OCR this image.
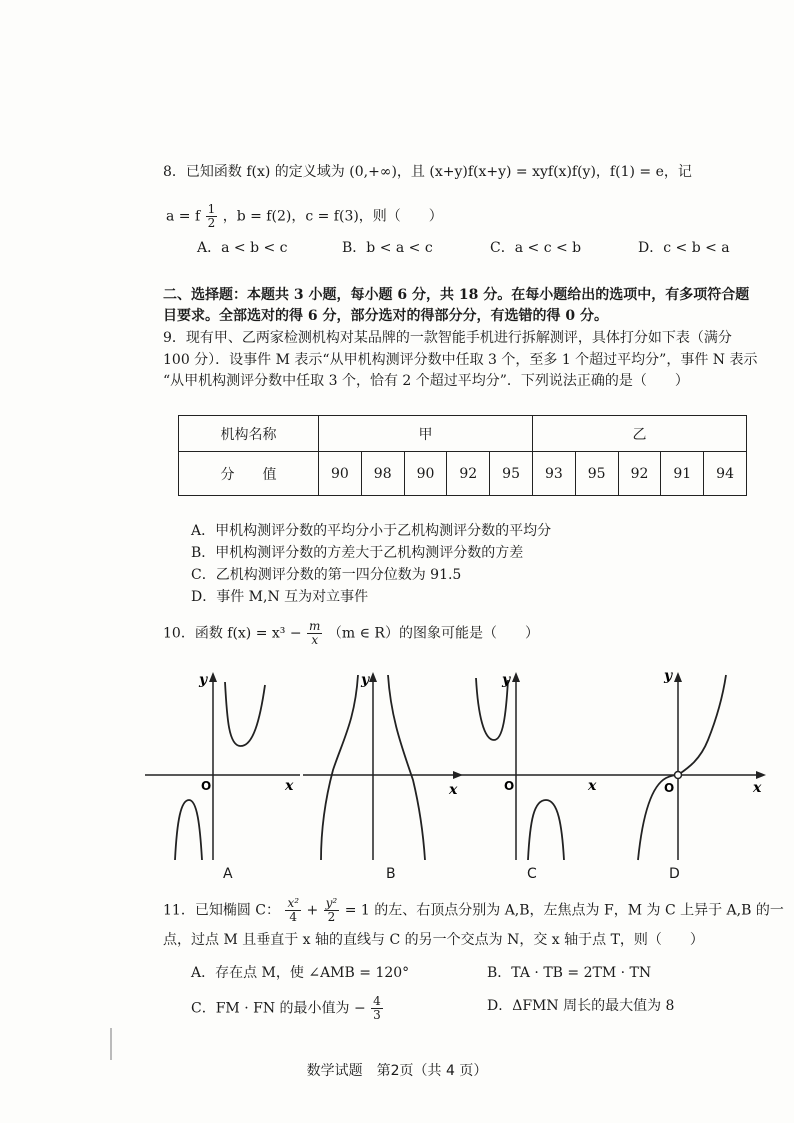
8．已知函数 f(x) 的定义域为 (0,+∞)，且 (x+y)f(x+y) = xyf(x)f(y)，f(1) = e，记
a = f $\frac{1}{2}$ ，b = f(2)，c = f(3)，则（　　）
A．a < b < c	B．b < a < c	C．a < c < b	D．c < b < a
二、选择题：本题共 3 小题，每小题 6 分，共 18 分。在每小题给出的选项中，有多项符合题
目要求。全部选对的得 6 分，部分选对的得部分分，有选错的得 0 分。
9．现有甲、乙两家检测机构对某品牌的一款智能手机进行拆解测评，具体打分如下表（满分
100 分）．设事件 M 表示“从甲机构测评分数中任取 3 个，至多 1 个超过平均分”，事件 N 表示
“从甲机构测评分数中任取 3 个，恰有 2 个超过平均分”．下列说法正确的是（　　）
机构名称	甲					乙				
分　　值	90	98	90	92	95	93	95	92	91	94
A．甲机构测评分数的平均分小于乙机构测评分数的平均分
B．甲机构测评分数的方差大于乙机构测评分数的方差
C．乙机构测评分数的第一四分位数为 91.5
D．事件 M,N 互为对立事件
10．函数 $f(x) = x^3 - \frac{m}{x} (m$ ∈ R）的图象可能是（　　）
y
x
O
y
x
y
x
O
y
x
O
A	B	C	D
11．已知椭圆 C： $\frac{\text{x²}}{4} + \frac{\text{y²}}{2} = 1$ 的左、右顶点分别为 A,B，左焦点为 F，M 为 C 上异于 A,B 的一
点，过点 M 且垂直于 x 轴的直线与 C 的另一个交点为 N，交 x 轴于点 T，则（　　）
A．存在点 M，使 ∠AMB = 120°	B．TA · TB = 2TM · TN
C．FM · FN 的最小值为 − $\frac{4}{3}$	D．ΔFMN 周长的最大值为 8
数学试题　第2页（共 4 页）
